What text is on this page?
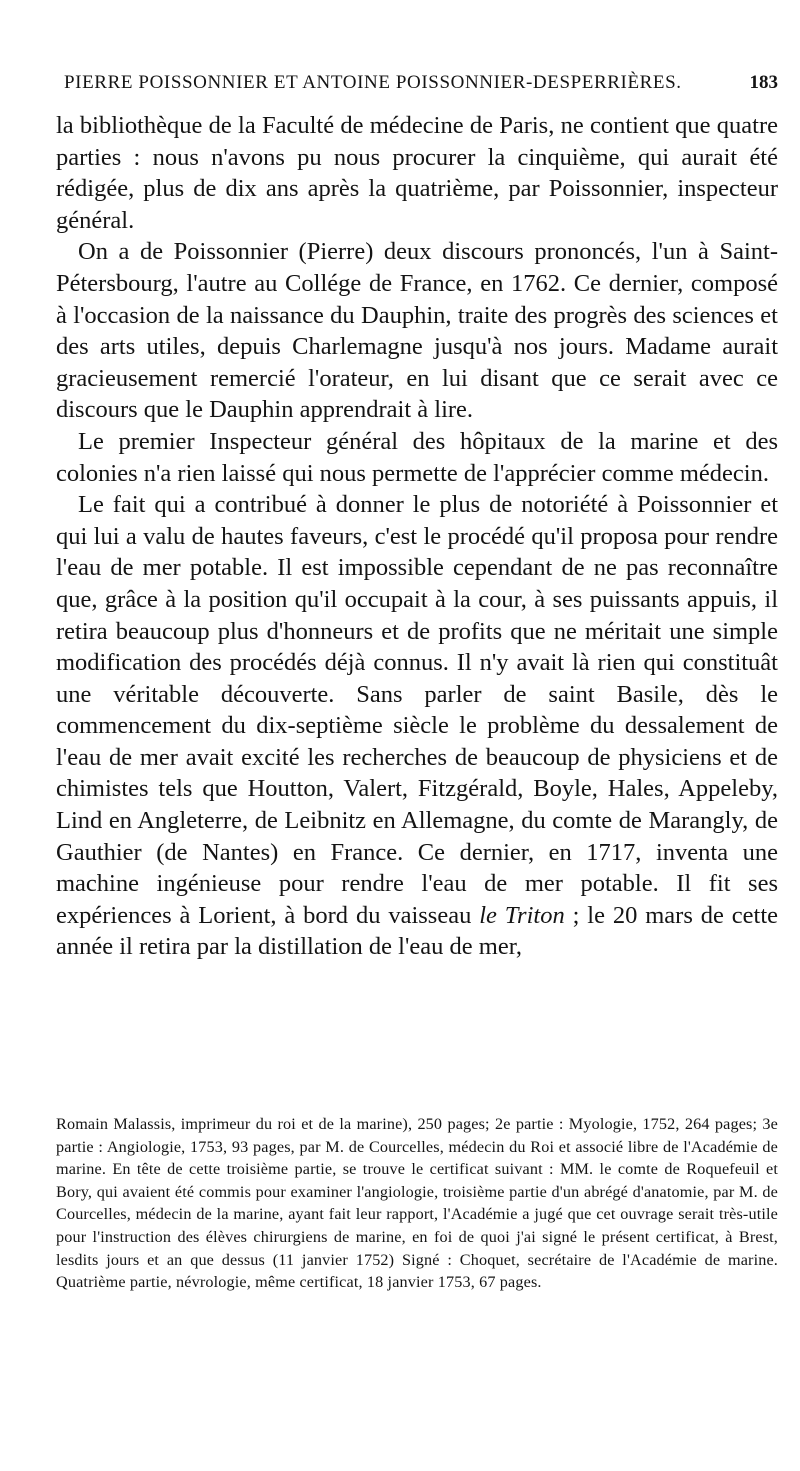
PIERRE POISSONNIER ET ANTOINE POISSONNIER-DESPERRIÈRES.	183

la bibliothèque de la Faculté de médecine de Paris, ne contient que quatre parties : nous n'avons pu nous procurer la cinquième, qui aurait été rédigée, plus de dix ans après la quatrième, par Poissonnier, inspecteur général.

On a de Poissonnier (Pierre) deux discours prononcés, l'un à Saint-Pétersbourg, l'autre au Collége de France, en 1762. Ce dernier, composé à l'occasion de la naissance du Dauphin, traite des progrès des sciences et des arts utiles, depuis Charlemagne jusqu'à nos jours. Madame aurait gracieusement remercié l'orateur, en lui disant que ce serait avec ce discours que le Dauphin apprendrait à lire.

Le premier Inspecteur général des hôpitaux de la marine et des colonies n'a rien laissé qui nous permette de l'apprécier comme médecin.

Le fait qui a contribué à donner le plus de notoriété à Poissonnier et qui lui a valu de hautes faveurs, c'est le procédé qu'il proposa pour rendre l'eau de mer potable. Il est impossible cependant de ne pas reconnaître que, grâce à la position qu'il occupait à la cour, à ses puissants appuis, il retira beaucoup plus d'honneurs et de profits que ne méritait une simple modification des procédés déjà connus. Il n'y avait là rien qui constituât une véritable découverte. Sans parler de saint Basile, dès le commencement du dix-septième siècle le problème du dessalement de l'eau de mer avait excité les recherches de beaucoup de physiciens et de chimistes tels que Houtton, Valert, Fitzgérald, Boyle, Hales, Appeleby, Lind en Angleterre, de Leibnitz en Allemagne, du comte de Marangly, de Gauthier (de Nantes) en France. Ce dernier, en 1717, inventa une machine ingénieuse pour rendre l'eau de mer potable. Il fit ses expériences à Lorient, à bord du vaisseau le Triton ; le 20 mars de cette année il retira par la distillation de l'eau de mer,

Romain Malassis, imprimeur du roi et de la marine), 250 pages; 2e partie : Myologie, 1752, 264 pages; 3e partie : Angiologie, 1753, 93 pages, par M. de Courcelles, médecin du Roi et associé libre de l'Académie de marine. En tête de cette troisième partie, se trouve le certificat suivant : MM. le comte de Roquefeuil et Bory, qui avaient été commis pour examiner l'angiologie, troisième partie d'un abrégé d'anatomie, par M. de Courcelles, médecin de la marine, ayant fait leur rapport, l'Académie a jugé que cet ouvrage serait très-utile pour l'instruction des élèves chirurgiens de marine, en foi de quoi j'ai signé le présent certificat, à Brest, lesdits jours et an que dessus (11 janvier 1752) Signé : Choquet, secrétaire de l'Académie de marine. Quatrième partie, névrologie, même certificat, 18 janvier 1753, 67 pages.
